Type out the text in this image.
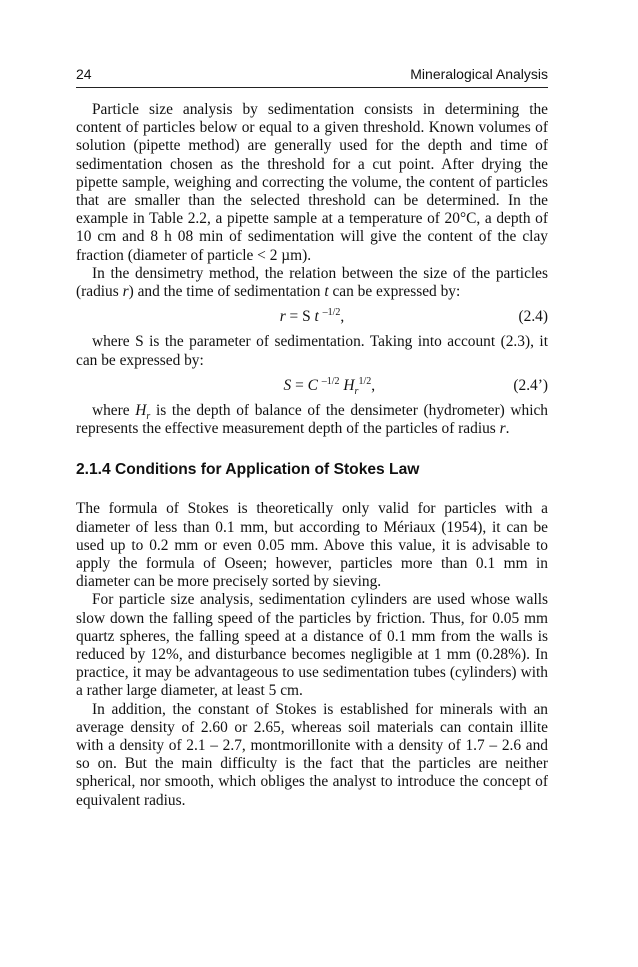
24	Mineralogical Analysis

Particle size analysis by sedimentation consists in determining the content of particles below or equal to a given threshold. Known volumes of solution (pipette method) are generally used for the depth and time of sedimentation chosen as the threshold for a cut point. After drying the pipette sample, weighing and correcting the volume, the content of particles that are smaller than the selected threshold can be determined. In the example in Table 2.2, a pipette sample at a temperature of 20°C, a depth of 10 cm and 8 h 08 min of sedimentation will give the content of the clay fraction (diameter of particle < 2 µm).

In the densimetry method, the relation between the size of the particles (radius r) and the time of sedimentation t can be expressed by:

r = S t $^{-1/2}$,	(2.4)

where S is the parameter of sedimentation. Taking into account (2.3), it can be expressed by:

S = C $^{-1/2}$ $H_r^{1/2}$,	(2.4’)

where $H_r$ is the depth of balance of the densimeter (hydrometer) which represents the effective measurement depth of the particles of radius r.

2.1.4 Conditions for Application of Stokes Law

The formula of Stokes is theoretically only valid for particles with a diameter of less than 0.1 mm, but according to Mériaux (1954), it can be used up to 0.2 mm or even 0.05 mm. Above this value, it is advisable to apply the formula of Oseen; however, particles more than 0.1 mm in diameter can be more precisely sorted by sieving.

For particle size analysis, sedimentation cylinders are used whose walls slow down the falling speed of the particles by friction. Thus, for 0.05 mm quartz spheres, the falling speed at a distance of 0.1 mm from the walls is reduced by 12%, and disturbance becomes negligible at 1 mm (0.28%). In practice, it may be advantageous to use sedimentation tubes (cylinders) with a rather large diameter, at least 5 cm.

In addition, the constant of Stokes is established for minerals with an average density of 2.60 or 2.65, whereas soil materials can contain illite with a density of 2.1 – 2.7, montmorillonite with a density of 1.7 – 2.6 and so on. But the main difficulty is the fact that the particles are neither spherical, nor smooth, which obliges the analyst to introduce the concept of equivalent radius.
